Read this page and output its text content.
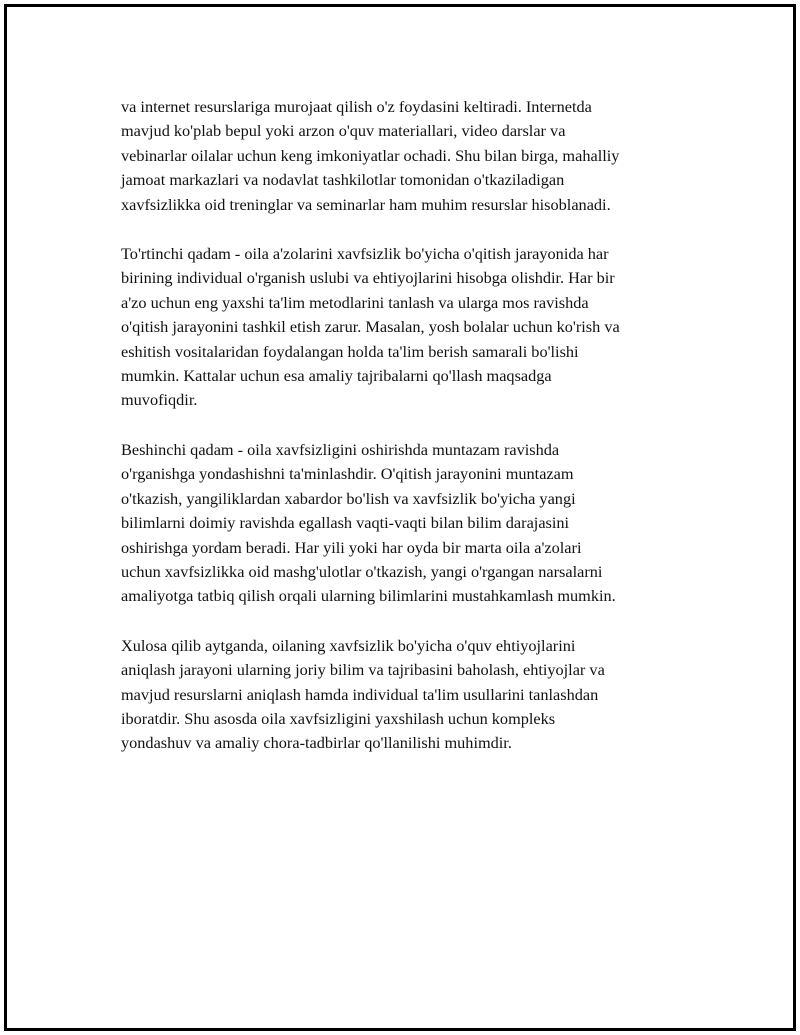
va internet resurslariga murojaat qilish o'z foydasini keltiradi. Internetda
mavjud ko'plab bepul yoki arzon o'quv materiallari, video darslar va
vebinarlar oilalar uchun keng imkoniyatlar ochadi. Shu bilan birga, mahalliy
jamoat markazlari va nodavlat tashkilotlar tomonidan o'tkaziladigan
xavfsizlikka oid treninglar va seminarlar ham muhim resurslar hisoblanadi.

To'rtinchi qadam - oila a'zolarini xavfsizlik bo'yicha o'qitish jarayonida har
birining individual o'rganish uslubi va ehtiyojlarini hisobga olishdir. Har bir
a'zo uchun eng yaxshi ta'lim metodlarini tanlash va ularga mos ravishda
o'qitish jarayonini tashkil etish zarur. Masalan, yosh bolalar uchun ko'rish va
eshitish vositalaridan foydalangan holda ta'lim berish samarali bo'lishi
mumkin. Kattalar uchun esa amaliy tajribalarni qo'llash maqsadga
muvofiqdir.

Beshinchi qadam - oila xavfsizligini oshirishda muntazam ravishda
o'rganishga yondashishni ta'minlashdir. O'qitish jarayonini muntazam
o'tkazish, yangiliklardan xabardor bo'lish va xavfsizlik bo'yicha yangi
bilimlarni doimiy ravishda egallash vaqti-vaqti bilan bilim darajasini
oshirishga yordam beradi. Har yili yoki har oyda bir marta oila a'zolari
uchun xavfsizlikka oid mashg'ulotlar o'tkazish, yangi o'rgangan narsalarni
amaliyotga tatbiq qilish orqali ularning bilimlarini mustahkamlash mumkin.

Xulosa qilib aytganda, oilaning xavfsizlik bo'yicha o'quv ehtiyojlarini
aniqlash jarayoni ularning joriy bilim va tajribasini baholash, ehtiyojlar va
mavjud resurslarni aniqlash hamda individual ta'lim usullarini tanlashdan
iboratdir. Shu asosda oila xavfsizligini yaxshilash uchun kompleks
yondashuv va amaliy chora-tadbirlar qo'llanilishi muhimdir.
